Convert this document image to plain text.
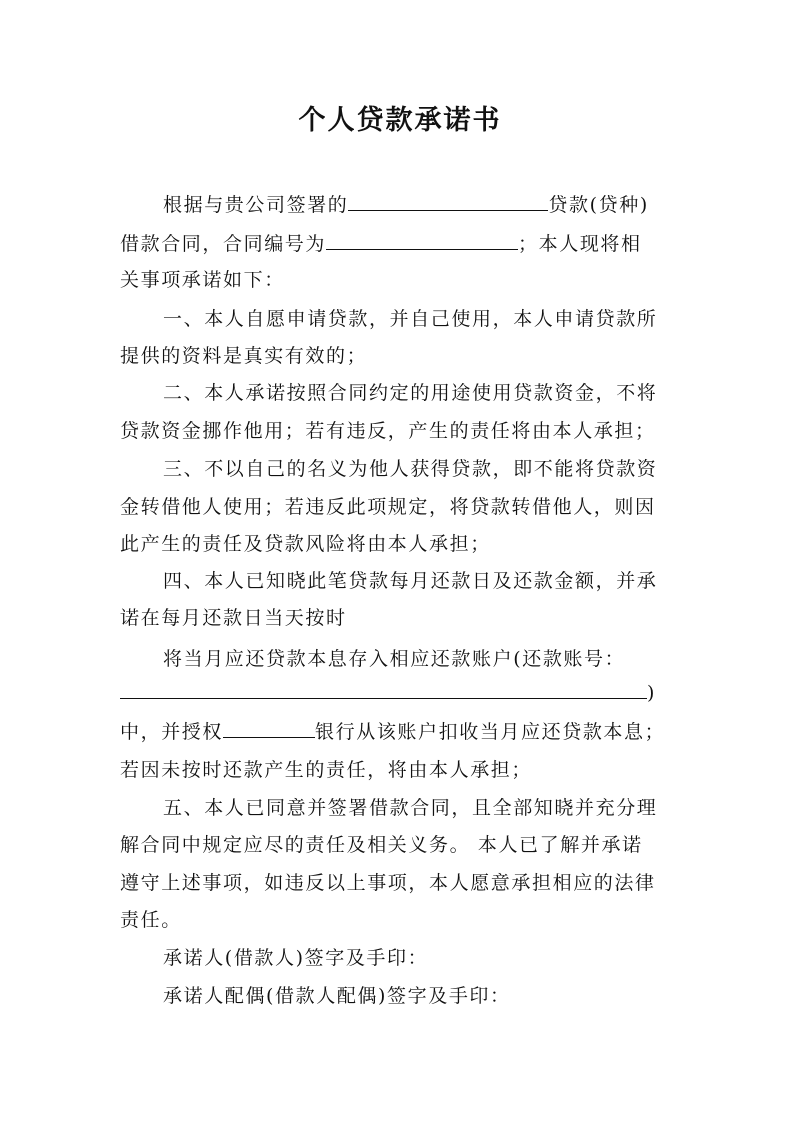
个人贷款承诺书
根据与贵公司签署的	贷款(贷种)
借款合同，合同编号为	；本人现将相
关事项承诺如下：
一、本人自愿申请贷款，并自己使用，本人申请贷款所
提供的资料是真实有效的；
二、本人承诺按照合同约定的用途使用贷款资金，不将
贷款资金挪作他用；若有违反，产生的责任将由本人承担；
三、不以自己的名义为他人获得贷款，即不能将贷款资
金转借他人使用；若违反此项规定，将贷款转借他人，则因
此产生的责任及贷款风险将由本人承担；
四、本人已知晓此笔贷款每月还款日及还款金额，并承
诺在每月还款日当天按时
将当月应还贷款本息存入相应还款账户(还款账号：
)
中，并授权	银行从该账户扣收当月应还贷款本息；
若因未按时还款产生的责任，将由本人承担；
五、本人已同意并签署借款合同，且全部知晓并充分理
解合同中规定应尽的责任及相关义务。 本人已了解并承诺
遵守上述事项，如违反以上事项，本人愿意承担相应的法律
责任。
承诺人(借款人)签字及手印：
承诺人配偶(借款人配偶)签字及手印：
